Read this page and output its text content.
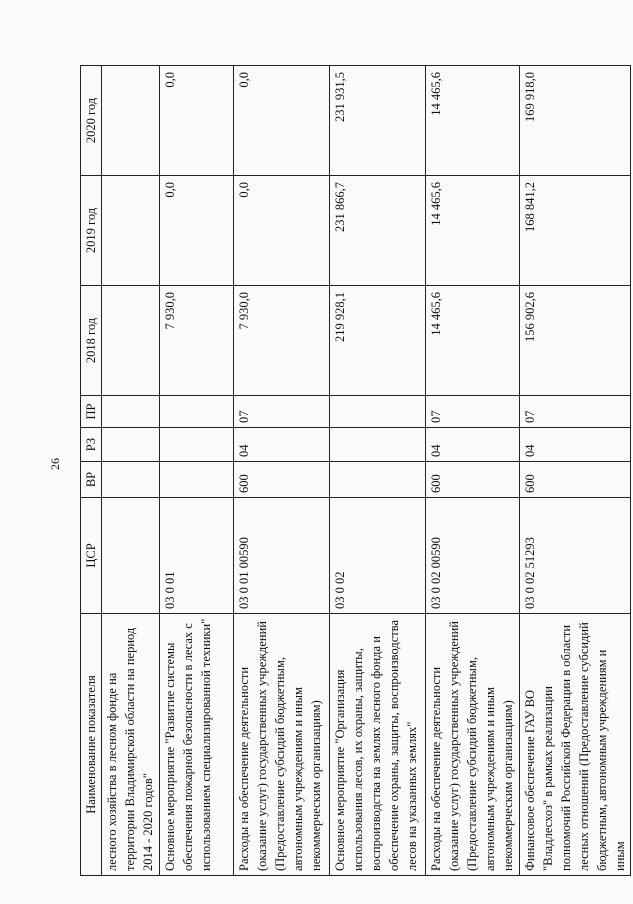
26
Наименование показателя	ЦСР	ВР	РЗ	ПР	2018 год	2019 год	2020 год
лесного хозяйства в лесном фонде на территории Владимирской области на период 2014 - 2020 годов"							
Основное мероприятие "Развитие системы обеспечения пожарной безопасности в лесах с использованием специализированной техники"	03 0 01				7 930,0	0,0	0,0
Расходы на обеспечение деятельности (оказание услуг) государственных учреждений (Предоставление субсидий бюджетным, автономным учреждениям и иным некоммерческим организациям)	03 0 01 00590	600	04	07	7 930,0	0,0	0,0
Основное мероприятие "Организация использования лесов, их охраны, защиты, воспроизводства на землях лесного фонда и обеспечение охраны, защиты, воспроизводства лесов на указанных землях"	03 0 02				219 928,1	231 866,7	231 931,5
Расходы на обеспечение деятельности (оказание услуг) государственных учреждений (Предоставление субсидий бюджетным, автономным учреждениям и иным некоммерческим организациям)	03 0 02 00590	600	04	07	14 465,6	14 465,6	14 465,6
Финансовое обеспечение ГАУ ВО "Владлесхоз" в рамках реализации полномочий Российской Федерации в области лесных отношений (Предоставление субсидий бюджетным, автономным учреждениям и иным	03 0 02 51293	600	04	07	156 902,6	168 841,2	169 918,0
